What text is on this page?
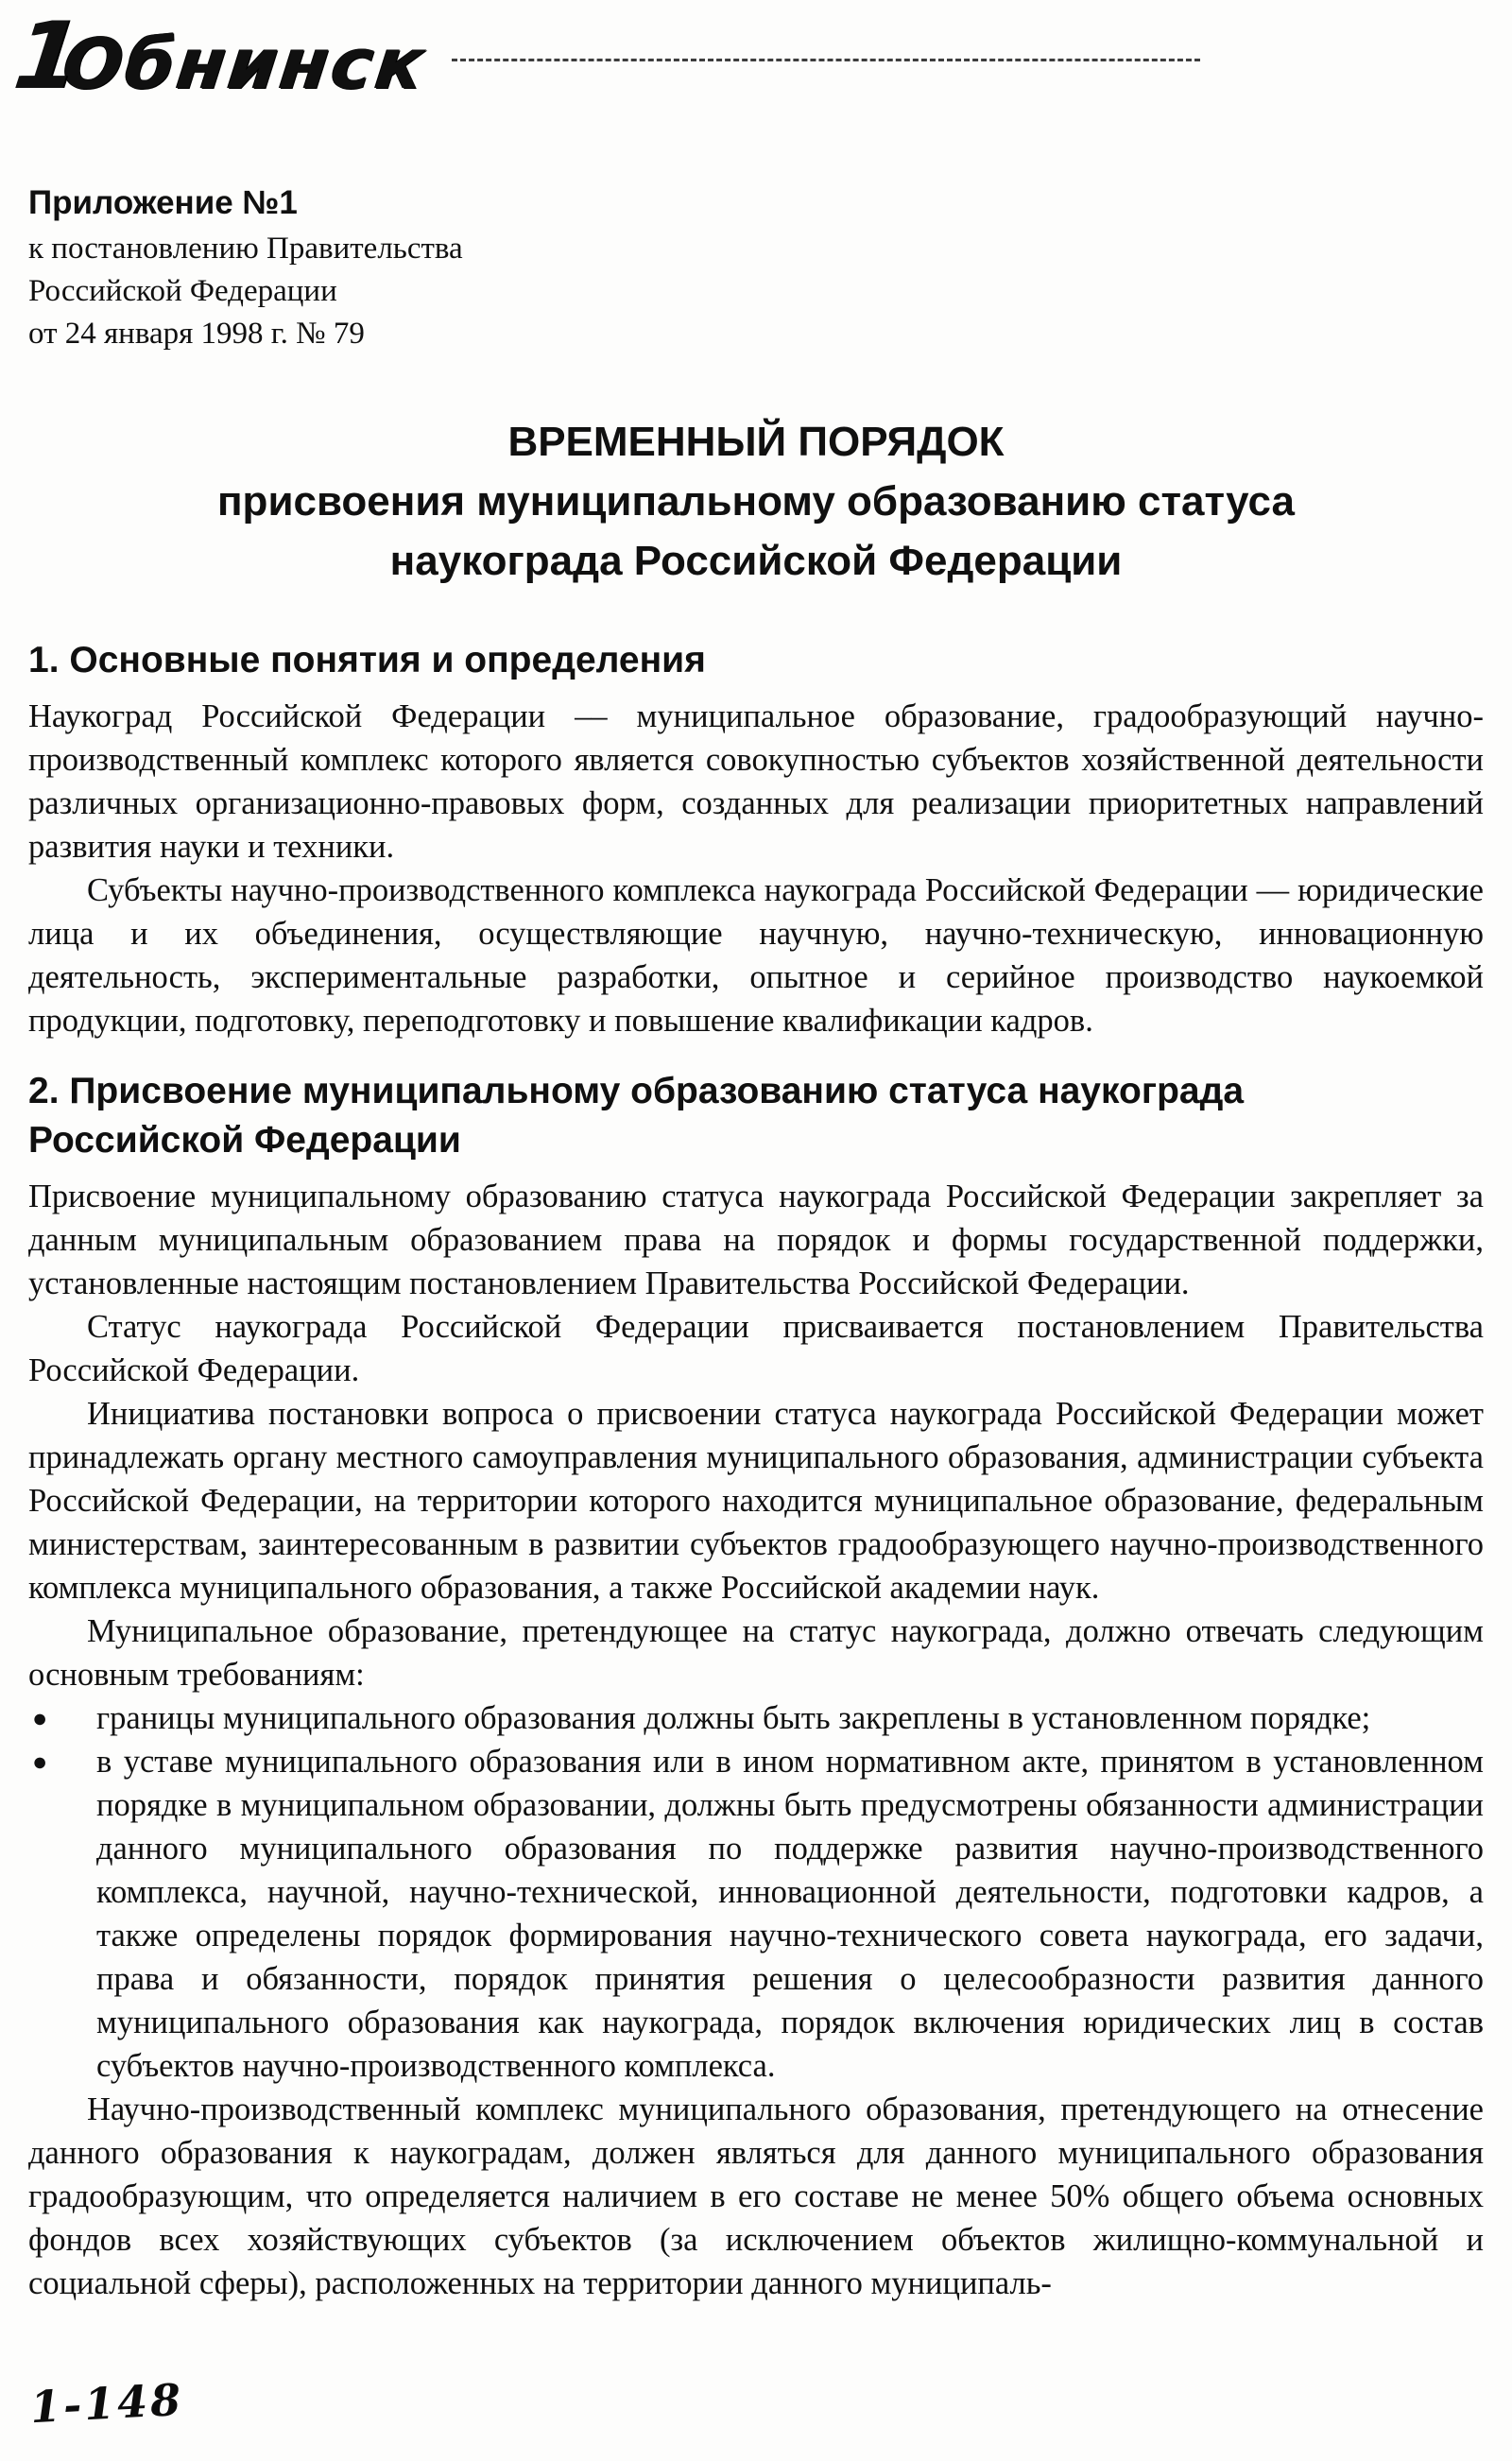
1
Обнинск
Приложение №1
к постановлению Правительства
Российской Федерации
от 24 января 1998 г. № 79
ВРЕМЕННЫЙ ПОРЯДОК
присвоения муниципальному образованию статуса
наукограда Российской Федерации
1. Основные понятия и определения

Наукоград Российской Федерации –– муниципальное образование, градообразующий научно-производственный комплекс которого является совокупностью субъектов хозяйственной деятельности различных организационно-правовых форм, созданных для реализации приоритетных направлений развития науки и техники.

Субъекты научно-производственного комплекса наукограда Российской Федерации — юридические лица и их объединения, осуществляющие научную, научно-техническую, инновационную деятельность, экспериментальные разработки, опытное и серийное производство наукоемкой продукции, подготовку, переподготовку и повышение квалификации кадров.

2. Присвоение муниципальному образованию статуса наукограда
Российской Федерации

Присвоение муниципальному образованию статуса наукограда Российской Федерации закрепляет за данным муниципальным образованием права на порядок и формы государственной поддержки, установленные настоящим постановлением Правительства Российской Федерации.

Статус наукограда Российской Федерации присваивается постановлением Правительства Российской Федерации.

Инициатива постановки вопроса о присвоении статуса наукограда Российской Федерации может принадлежать органу местного самоуправления муниципального образования, администрации субъекта Российской Федерации, на территории которого находится муниципальное образование, федеральным министерствам, заинтересованным в развитии субъектов градообразующего научно-производственного комплекса муниципального образования, а также Российской академии наук.

Муниципальное образование, претендующее на статус наукограда, должно отвечать следующим основным требованиям:

●	границы муниципального образования должны быть закреплены в установленном порядке;
●	в уставе муниципального образования или в ином нормативном акте, принятом в установленном порядке в муниципальном образовании, должны быть предусмотрены обязанности администрации данного муниципального образования по поддержке развития научно-производственного комплекса, научной, научно-технической, инновационной деятельности, подготовки кадров, а также определены порядок формирования научно-технического совета наукограда, его задачи, права и обязанности, порядок принятия решения о целесообразности развития данного муниципального образования как наукограда, порядок включения юридических лиц в состав субъектов научно-производственного комплекса.

Научно-производственный комплекс муниципального образования, претендующего на отнесение данного образования к наукоградам, должен являться для данного муниципального образования градообразующим, что определяется наличием в его составе не менее 50% общего объема основных фондов всех хозяйствующих субъектов (за исключением объектов жилищно-коммунальной и социальной сферы), расположенных на территории данного муниципаль-

1-148
